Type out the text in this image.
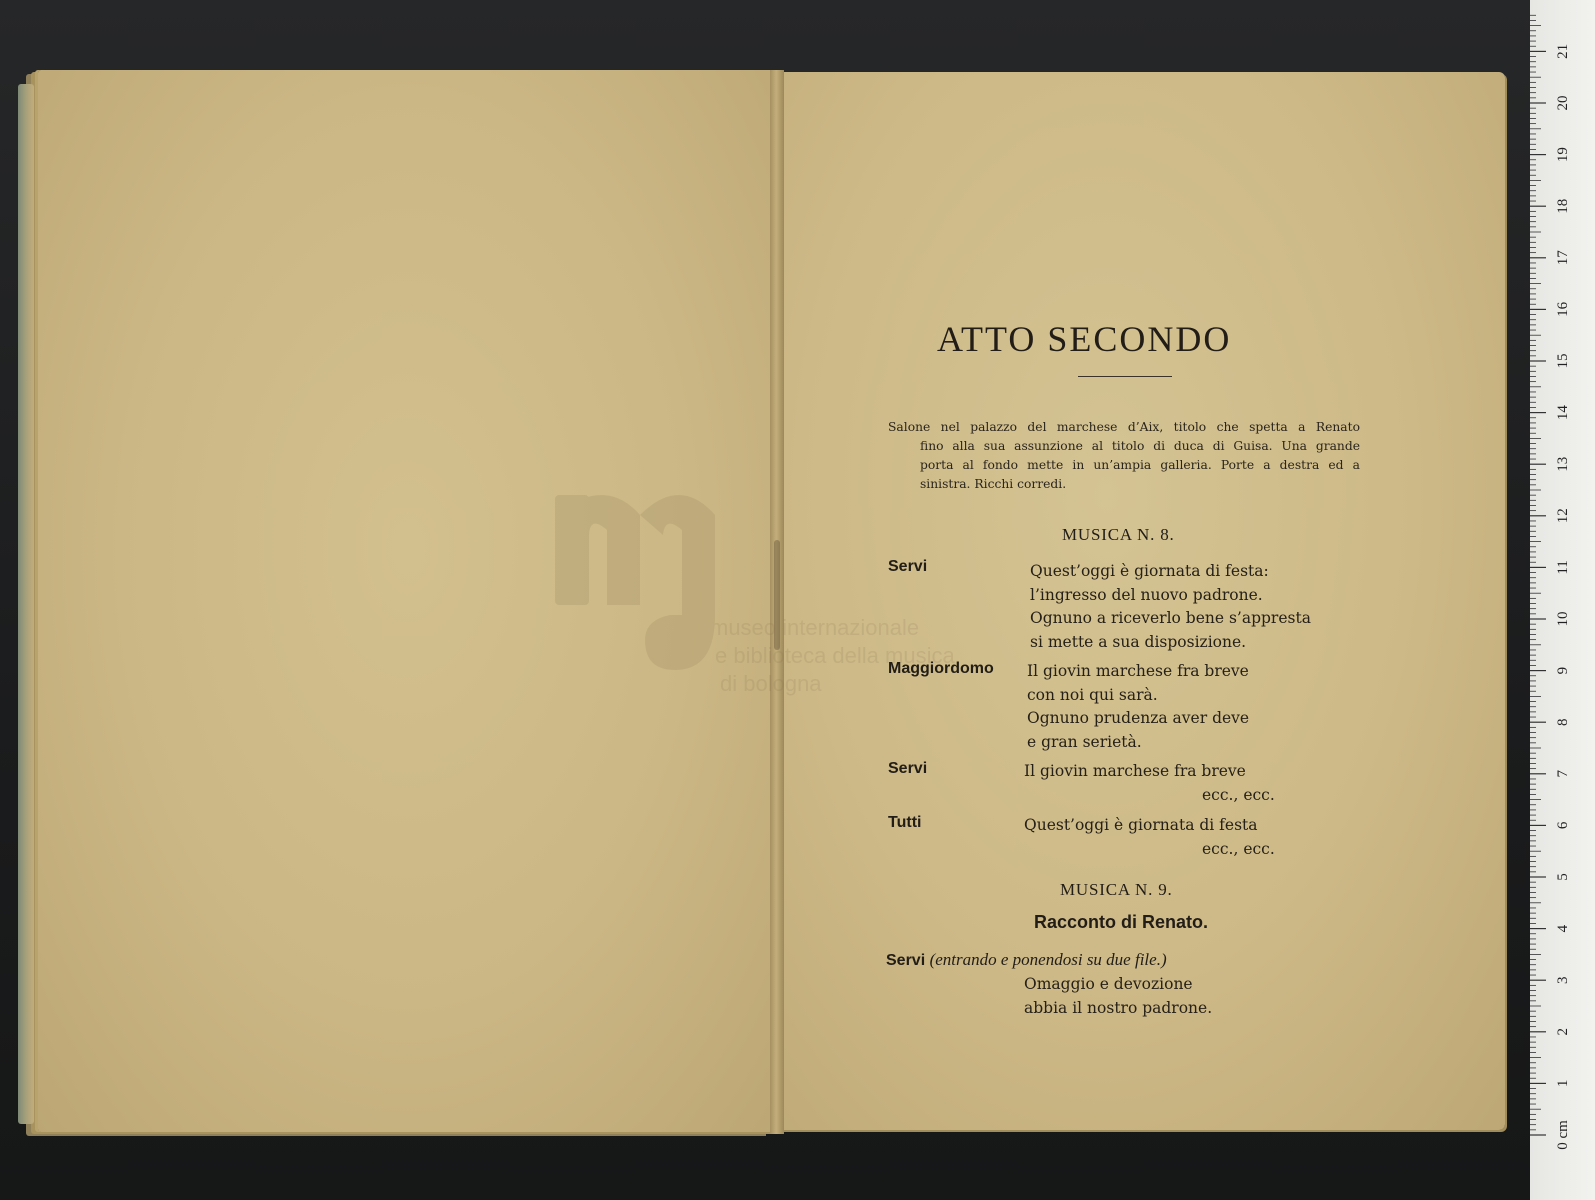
museo internazionale
e biblioteca della musica
di bologna
ATTO SECONDO

Salone nel palazzo del marchese d’Aix, titolo che spetta a Renato

fino alla sua assunzione al titolo di duca di Guisa. Una grande

porta al fondo mette in un’ampia galleria. Porte a destra ed a

sinistra. Ricchi corredi.

MUSICA N. 8.
Servi	Quest’oggi è giornata di festa:
l’ingresso del nuovo padrone.
Ognuno a riceverlo bene s’appresta
si mette a sua disposizione.
Maggiordomo Il giovin marchese fra breve
con noi qui sarà.
Ognuno prudenza aver deve
e gran serietà.
Servi	Il giovin marchese fra breve
ecc., ecc.
Tutti	Quest’oggi è giornata di festa
ecc., ecc.
MUSICA N. 9.
Racconto di Renato.
Servi (entrando e ponendosi su due file.)
Omaggio e devozione
abbia il nostro padrone.
0 cm
1
2
3
4
5
6
7
8
9
10
11
12
13
14
15
16
17
18
19
20
21
